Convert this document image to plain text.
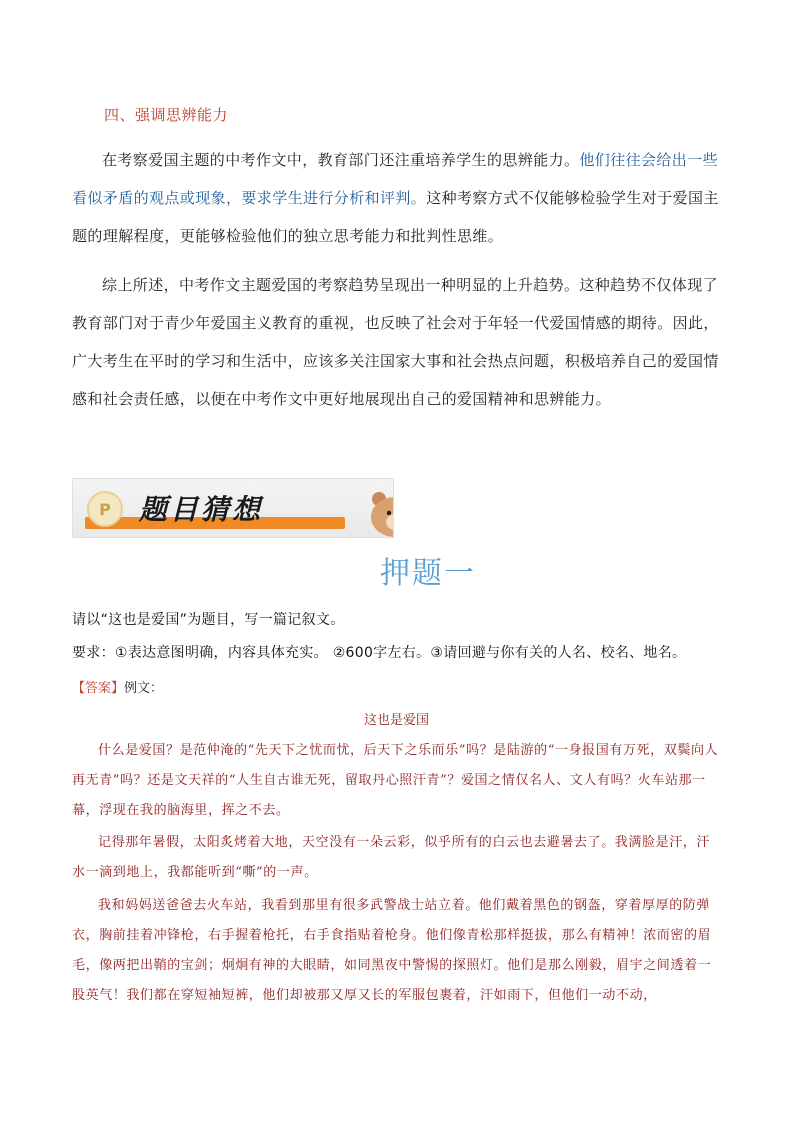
四、强调思辨能力

在考察爱国主题的中考作文中，教育部门还注重培养学生的思辨能力。他们往往会给出一些看似矛盾的观点或现象，要求学生进行分析和评判。这种考察方式不仅能够检验学生对于爱国主题的理解程度，更能够检验他们的独立思考能力和批判性思维。

综上所述，中考作文主题爱国的考察趋势呈现出一种明显的上升趋势。这种趋势不仅体现了教育部门对于青少年爱国主义教育的重视，也反映了社会对于年轻一代爱国情感的期待。因此，广大考生在平时的学习和生活中，应该多关注国家大事和社会热点问题，积极培养自己的爱国情感和社会责任感，以便在中考作文中更好地展现出自己的爱国精神和思辨能力。

P 题目猜想
押题一
请以“这也是爱国”为题目，写一篇记叙文。
要求：①表达意图明确，内容具体充实。 ②600字左右。③请回避与你有关的人名、校名、地名。
【答案】例文：
这也是爱国

什么是爱国？是范仲淹的“先天下之忧而忧，后天下之乐而乐”吗？是陆游的“一身报国有万死，双鬓向人再无青”吗？还是文天祥的“人生自古谁无死，留取丹心照汗青”？爱国之情仅名人、文人有吗？火车站那一幕，浮现在我的脑海里，挥之不去。

记得那年暑假，太阳炙烤着大地，天空没有一朵云彩，似乎所有的白云也去避暑去了。我满脸是汗，汗水一滴到地上，我都能听到“嘶”的一声。

我和妈妈送爸爸去火车站，我看到那里有很多武警战士站立着。他们戴着黑色的钢盔，穿着厚厚的防弹衣，胸前挂着冲锋枪，右手握着枪托，右手食指贴着枪身。他们像青松那样挺拔，那么有精神！浓而密的眉毛，像两把出鞘的宝剑；炯炯有神的大眼睛，如同黑夜中警惕的探照灯。他们是那么刚毅，眉宇之间透着一股英气！我们都在穿短袖短裤，他们却被那又厚又长的军服包裹着，汗如雨下，但他们一动不动，
